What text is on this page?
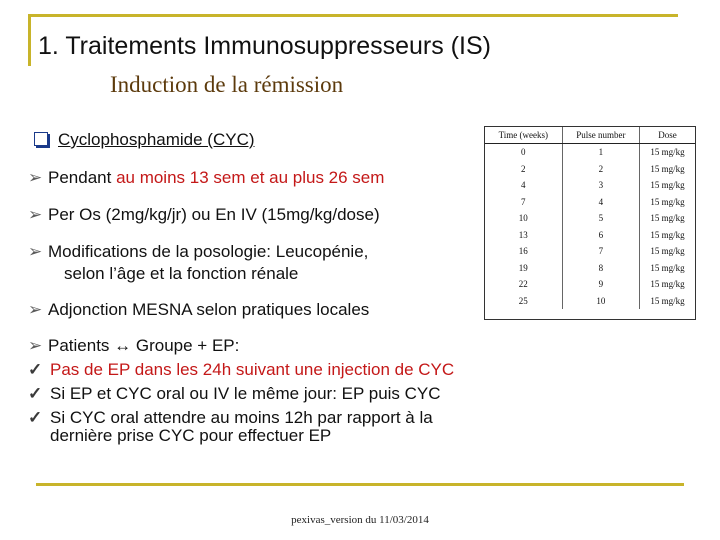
1. Traitements Immunosuppresseurs (IS)
Induction de la rémission
Cyclophosphamide (CYC)
➢ Pendant au moins 13 sem et au plus 26 sem
➢ Per Os (2mg/kg/jr) ou En IV (15mg/kg/dose)
➢ Modifications de la posologie: Leucopénie,
selon l’âge et la fonction rénale
➢ Adjonction MESNA selon pratiques locales
➢ Patients ↔ Groupe + EP:
✓ Pas de EP dans les 24h suivant une injection de CYC
✓ Si EP et CYC oral ou IV le même jour: EP puis CYC
✓ Si CYC oral attendre au moins 12h par rapport à la
dernière prise CYC pour effectuer EP
Time (weeks)	Pulse number	Dose
0	1	15 mg/kg
2	2	15 mg/kg
4	3	15 mg/kg
7	4	15 mg/kg
10	5	15 mg/kg
13	6	15 mg/kg
16	7	15 mg/kg
19	8	15 mg/kg
22	9	15 mg/kg
25	10	15 mg/kg
pexivas_version du 11/03/2014
